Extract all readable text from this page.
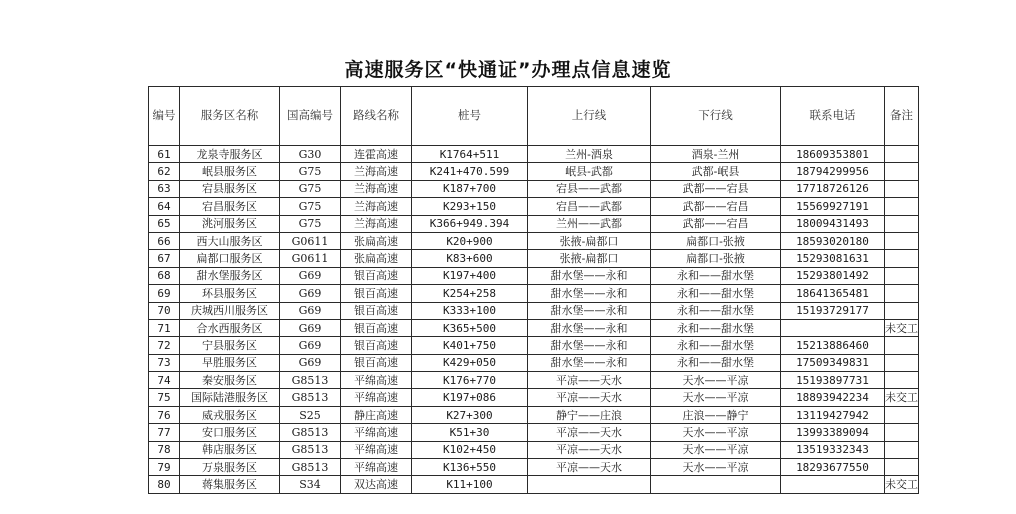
高速服务区“快通证”办理点信息速览
编号	服务区名称	国高编号	路线名称	桩号	上行线	下行线	联系电话	备注
61	龙泉寺服务区	G30	连霍高速	K1764+511	兰州-酒泉	酒泉-兰州	18609353801	
62	岷县服务区	G75	兰海高速	K241+470.599	岷县-武都	武都-岷县	18794299956	
63	宕县服务区	G75	兰海高速	K187+700	宕县——武都	武都——宕县	17718726126	
64	宕昌服务区	G75	兰海高速	K293+150	宕昌——武都	武都——宕昌	15569927191	
65	洮河服务区	G75	兰海高速	K366+949.394	兰州——武都	武都——宕昌	18009431493	
66	西大山服务区	G0611	张扁高速	K20+900	张掖-扁都口	扁都口-张掖	18593020180	
67	扁都口服务区	G0611	张扁高速	K83+600	张掖-扁都口	扁都口-张掖	15293081631	
68	甜水堡服务区	G69	银百高速	K197+400	甜水堡——永和	永和——甜水堡	15293801492	
69	环县服务区	G69	银百高速	K254+258	甜水堡——永和	永和——甜水堡	18641365481	
70	庆城西川服务区	G69	银百高速	K333+100	甜水堡——永和	永和——甜水堡	15193729177	
71	合水西服务区	G69	银百高速	K365+500	甜水堡——永和	永和——甜水堡		未交工
72	宁县服务区	G69	银百高速	K401+750	甜水堡——永和	永和——甜水堡	15213886460	
73	早胜服务区	G69	银百高速	K429+050	甜水堡——永和	永和——甜水堡	17509349831	
74	秦安服务区	G8513	平绵高速	K176+770	平凉——天水	天水——平凉	15193897731	
75	国际陆港服务区	G8513	平绵高速	K197+086	平凉——天水	天水——平凉	18893942234	未交工
76	威戎服务区	S25	静庄高速	K27+300	静宁——庄浪	庄浪——静宁	13119427942	
77	安口服务区	G8513	平绵高速	K51+30	平凉——天水	天水——平凉	13993389094	
78	韩店服务区	G8513	平绵高速	K102+450	平凉——天水	天水——平凉	13519332343	
79	万泉服务区	G8513	平绵高速	K136+550	平凉——天水	天水——平凉	18293677550	
80	蒋集服务区	S34	双达高速	K11+100				未交工
